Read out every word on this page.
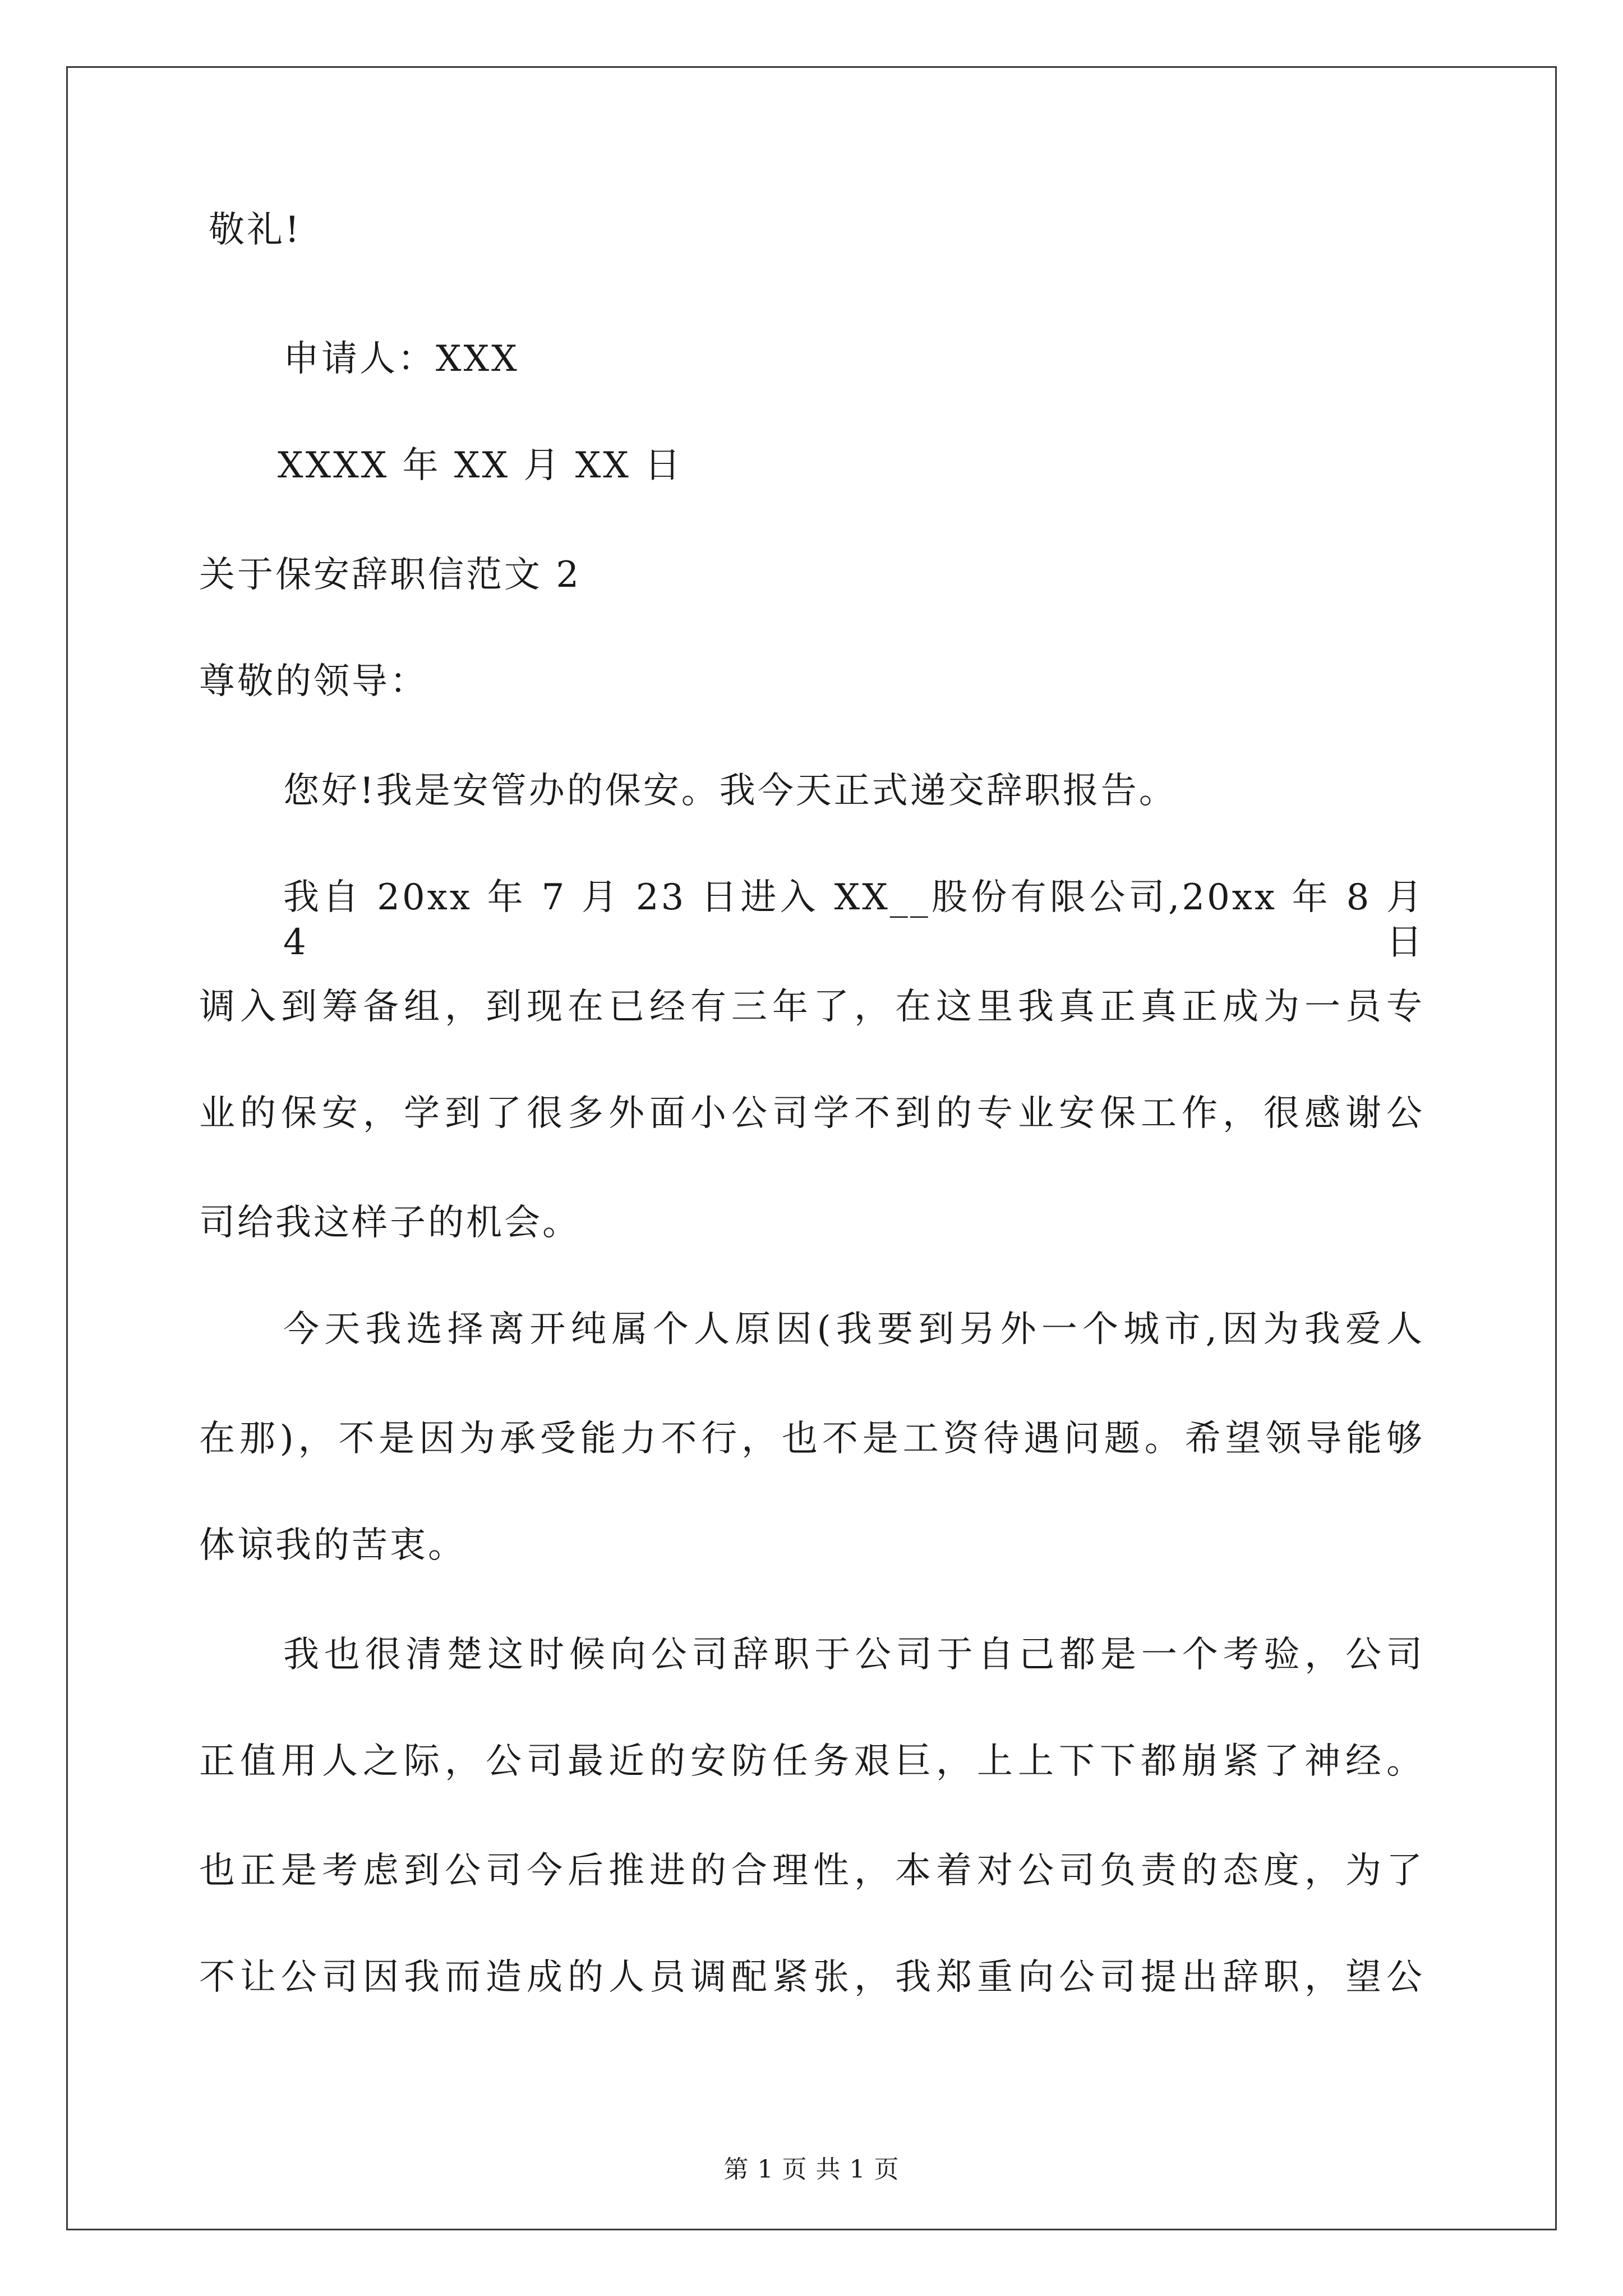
敬礼!
申请人：XXX
XXXX 年 XX 月 XX 日
关于保安辞职信范文 2
尊敬的领导：
您好!我是安管办的保安。我今天正式递交辞职报告。
我自 20xx 年 7 月 23 日进入 XX__股份有限公司,20xx 年 8 月 4 日
调入到筹备组，到现在已经有三年了，在这里我真正真正成为一员专
业的保安，学到了很多外面小公司学不到的专业安保工作，很感谢公
司给我这样子的机会。
今天我选择离开纯属个人原因(我要到另外一个城市,因为我爱人
在那)，不是因为承受能力不行，也不是工资待遇问题。希望领导能够
体谅我的苦衷。
我也很清楚这时候向公司辞职于公司于自己都是一个考验，公司
正值用人之际，公司最近的安防任务艰巨，上上下下都崩紧了神经。
也正是考虑到公司今后推进的合理性，本着对公司负责的态度，为了
不让公司因我而造成的人员调配紧张，我郑重向公司提出辞职，望公
第 1 页 共 1 页
